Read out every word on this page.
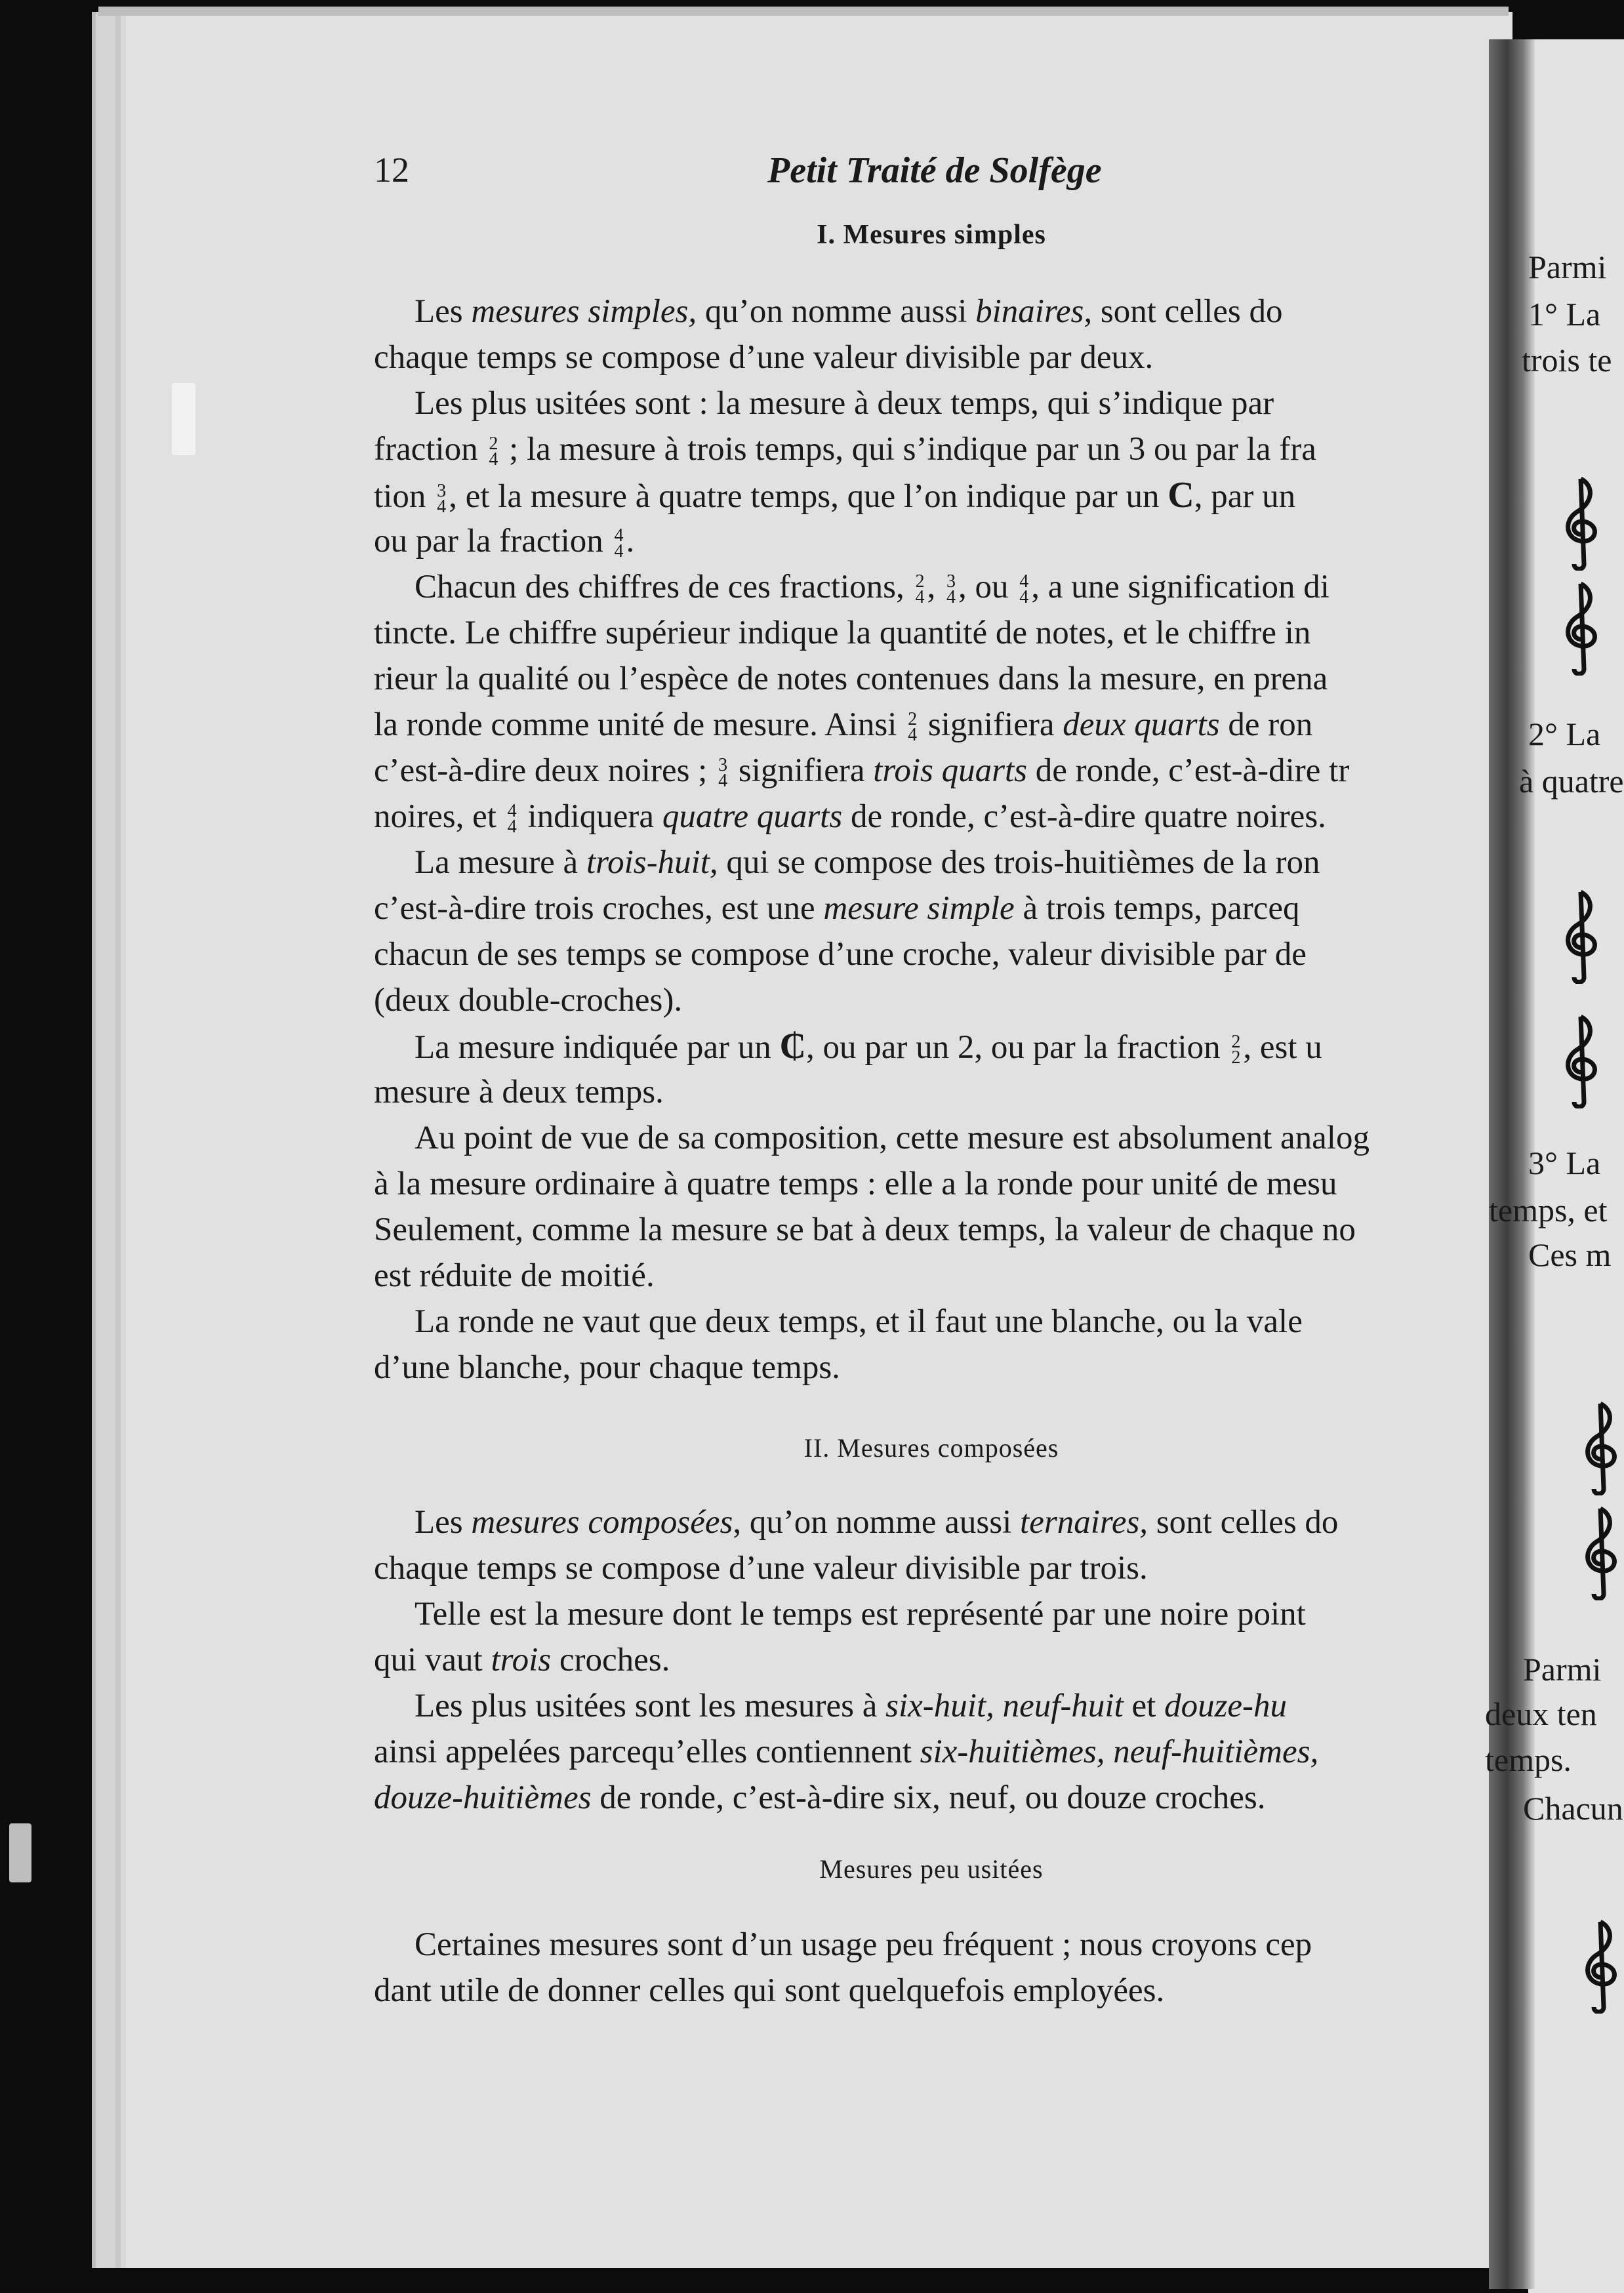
12	Petit Traité de Solfège
I. Mesures simples
Les mesures simples, qu’on nomme aussi binaires, sont celles do
chaque temps se compose d’une valeur divisible par deux.
Les plus usitées sont : la mesure à deux temps, qui s’indique par
fraction 2
4 ; la mesure à trois temps, qui s’indique par un 3 ou par la fra
tion 3
4 , et la mesure à quatre temps, que l’on indique par un C, par un
ou par la fraction 4
4 .
Chacun des chiffres de ces fractions, 2
4 , 3
4 , ou 4
4 , a une signification di
tincte. Le chiffre supérieur indique la quantité de notes, et le chiffre in
rieur la qualité ou l’espèce de notes contenues dans la mesure, en prena
la ronde comme unité de mesure. Ainsi 2
4 signifiera deux quarts de ron
c’est-à-dire deux noires ; 3
4 signifiera trois quarts de ronde, c’est-à-dire tr
noires, et 4
4 indiquera quatre quarts de ronde, c’est-à-dire quatre noires.
La mesure à trois-huit, qui se compose des trois-huitièmes de la ron
c’est-à-dire trois croches, est une mesure simple à trois temps, parceq
chacun de ses temps se compose d’une croche, valeur divisible par de
(deux double-croches).
La mesure indiquée par un ₵, ou par un 2, ou par la fraction 2
2 , est u
mesure à deux temps.
Au point de vue de sa composition, cette mesure est absolument analog
à la mesure ordinaire à quatre temps : elle a la ronde pour unité de mesu
Seulement, comme la mesure se bat à deux temps, la valeur de chaque no
est réduite de moitié.
La ronde ne vaut que deux temps, et il faut une blanche, ou la vale
d’une blanche, pour chaque temps.
II. Mesures composées
Les mesures composées, qu’on nomme aussi ternaires, sont celles do
chaque temps se compose d’une valeur divisible par trois.
Telle est la mesure dont le temps est représenté par une noire point
qui vaut trois croches.
Les plus usitées sont les mesures à six-huit, neuf-huit et douze-hu
ainsi appelées parcequ’elles contiennent six-huitièmes, neuf-huitièmes,
douze-huitièmes de ronde, c’est-à-dire six, neuf, ou douze croches.
Mesures peu usitées
Certaines mesures sont d’un usage peu fréquent ; nous croyons cep
dant utile de donner celles qui sont quelquefois employées.
Parmi
1° La
trois te
2° La
à quatre
3° La
temps, et
Ces m
Parmi
deux ten
temps.
Chacun
